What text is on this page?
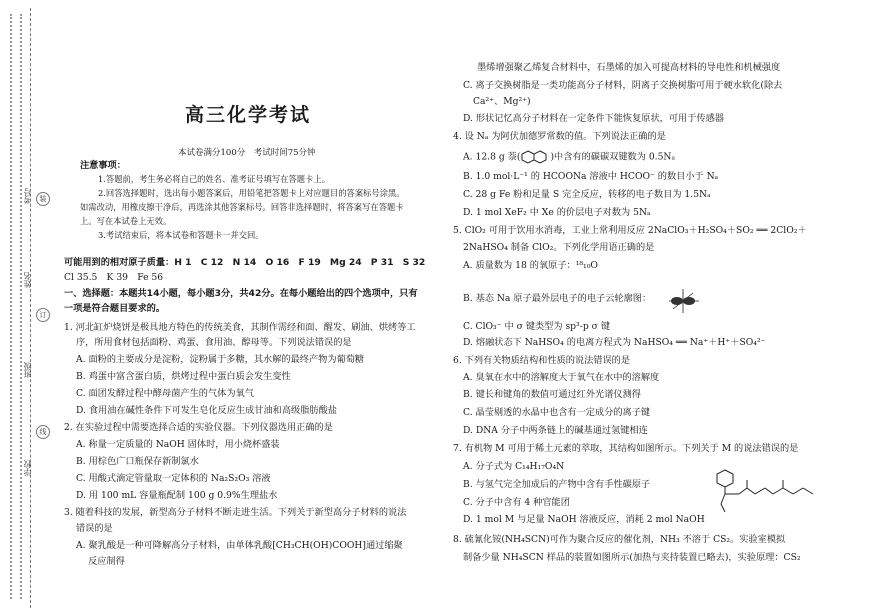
考号
姓名
班级
学校
装
订
线
高三化学考试
本试卷满分100分　考试时间75分钟
注意事项：
1.答题前，考生务必将自己的姓名、准考证号填写在答题卡上。
2.回答选择题时，选出每小题答案后，用铅笔把答题卡上对应题目的答案标号涂黑。
如需改动，用橡皮擦干净后，再选涂其他答案标号。回答非选择题时，将答案写在答题卡
上。写在本试卷上无效。
3.考试结束后，将本试卷和答题卡一并交回。
可能用到的相对原子质量：H 1　C 12　N 14　O 16　F 19　Mg 24　P 31　S 32
Cl 35.5　K 39　Fe 56
一、选择题：本题共14小题，每小题3分，共42分。在每小题给出的四个选项中，只有
一项是符合题目要求的。
1. 河北缸炉烧饼是极具地方特色的传统美食，其制作需经和面、醒发、刷油、烘烤等工
序，所用食材包括面粉、鸡蛋、食用油、醇母等。下列说法错误的是
A. 面粉的主要成分是淀粉，淀粉属于多糖，其水解的最终产物为葡萄糖
B. 鸡蛋中富含蛋白质，烘烤过程中蛋白质会发生变性
C. 面团发酵过程中酵母菌产生的气体为氧气
D. 食用油在碱性条件下可发生皂化反应生成甘油和高级脂肪酸盐
2. 在实验过程中需要选择合适的实验仪器。下列仪器选用正确的是
A. 称量一定质量的 NaOH 固体时，用小烧杯盛装
B. 用棕色广口瓶保存新制氯水
C. 用酸式滴定管量取一定体积的 Na₂S₂O₃ 溶液
D. 用 100 mL 容量瓶配制 100 g 0.9%生理盐水
3. 随着科技的发展，新型高分子材料不断走进生活。下列关于新型高分子材料的说法
错误的是
A. 聚乳酸是一种可降解高分子材料，由单体乳酸[CH₃CH(OH)COOH]通过缩聚
　 反应制得
墨烯增强聚乙烯复合材料中，石墨烯的加入可提高材料的导电性和机械强度
C. 离子交换树脂是一类功能高分子材料，阴离子交换树脂可用于硬水软化(除去
Ca²⁺、Mg²⁺)
D. 形状记忆高分子材料在一定条件下能恢复原状，可用于传感器
4. 设 Nₐ 为阿伏加德罗常数的值。下列说法正确的是
A. 12.8 g 萘(	)中含有的碳碳双键数为 0.5Nₐ
B. 1.0 mol·L⁻¹ 的 HCOONa 溶液中 HCOO⁻ 的数目小于 Nₐ
C. 28 g Fe 粉和足量 S 完全反应，转移的电子数目为 1.5Nₐ
D. 1 mol XeF₂ 中 Xe 的价层电子对数为 5Nₐ
5. ClO₂ 可用于饮用水消毒，工业上常利用反应 2NaClO₃＋H₂SO₄＋SO₂ ══ 2ClO₂＋
2NaHSO₄ 制备 ClO₂。下列化学用语正确的是
A. 质量数为 18 的氧原子：¹⁸₁₀O
B. 基态 Na 原子最外层电子的电子云轮廓图：
C. ClO₃⁻ 中 σ 键类型为 sp³-p σ 键
D. 熔融状态下 NaHSO₄ 的电离方程式为 NaHSO₄ ══ Na⁺＋H⁺＋SO₄²⁻
6. 下列有关物质结构和性质的说法错误的是
A. 臭氧在水中的溶解度大于氧气在水中的溶解度
B. 键长和键角的数值可通过红外光谱仪测得
C. 晶莹剔透的水晶中也含有一定成分的离子键
D. DNA 分子中两条链上的碱基通过氢键相连
7. 有机物 M 可用于稀土元素的萃取，其结构如图所示。下列关于 M 的说法错误的是
A. 分子式为 C₁₄H₁₇O₄N
B. 与氢气完全加成后的产物中含有手性碳原子
C. 分子中含有 4 种官能团
D. 1 mol M 与足量 NaOH 溶液反应，消耗 2 mol NaOH
8. 硫氰化铵(NH₄SCN)可作为聚合反应的催化剂，NH₃ 不溶于 CS₂。实验室模拟
制备少量 NH₄SCN 样品的装置如图所示(加热与夹持装置已略去)，实验原理：CS₂
